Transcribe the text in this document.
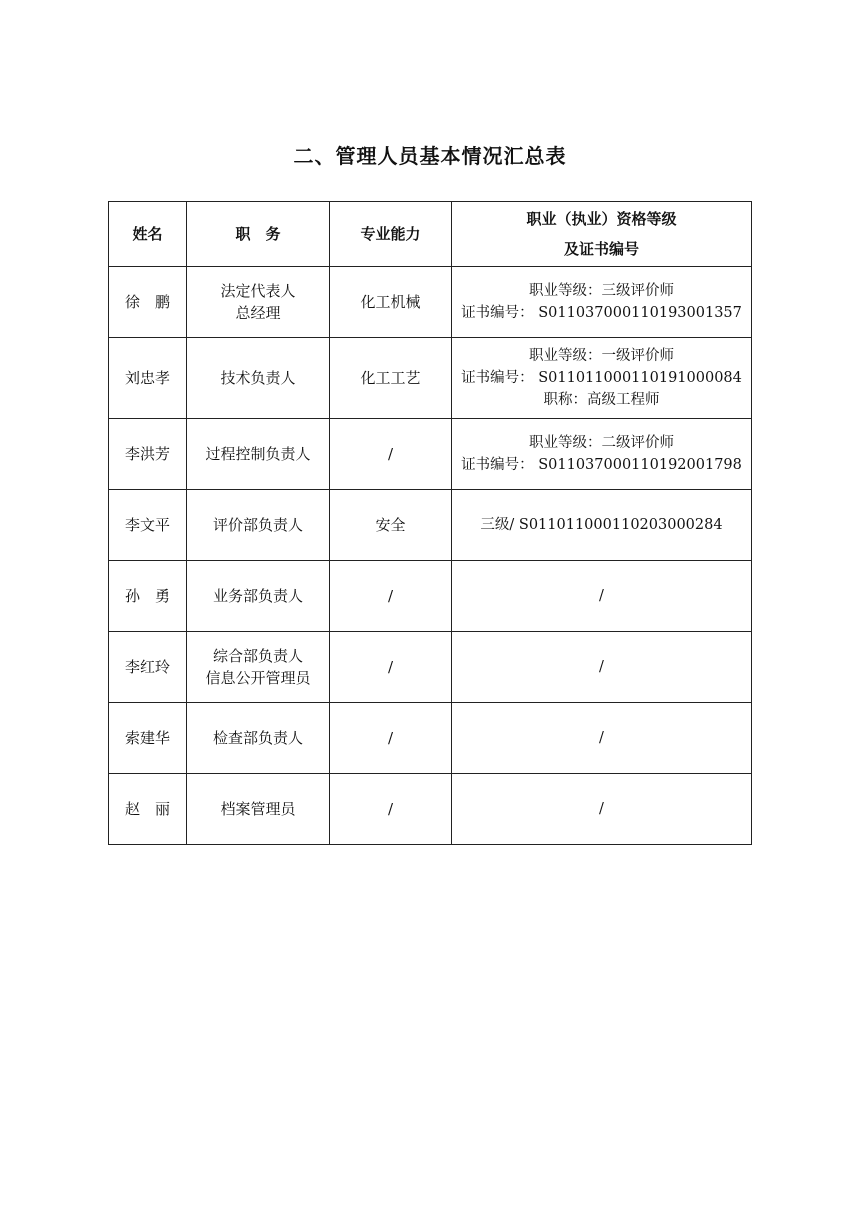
二、管理人员基本情况汇总表
姓名	职　务	专业能力	职业（执业）资格等级
及证书编号

徐　鹏	法定代表人
总经理	化工机械	职业等级：三级评价师
证书编号： S011037000110193001357

刘忠孝	技术负责人	化工工艺	职业等级：一级评价师
证书编号： S011011000110191000084
职称：高级工程师

李洪芳	过程控制负责人	/	职业等级：二级评价师
证书编号： S011037000110192001798

李文平	评价部负责人	安全	三级/ S011011000110203000284

孙　勇	业务部负责人	/	/

李红玲	综合部负责人
信息公开管理员	/	/

索建华	检查部负责人	/	/

赵　丽	档案管理员	/	/
